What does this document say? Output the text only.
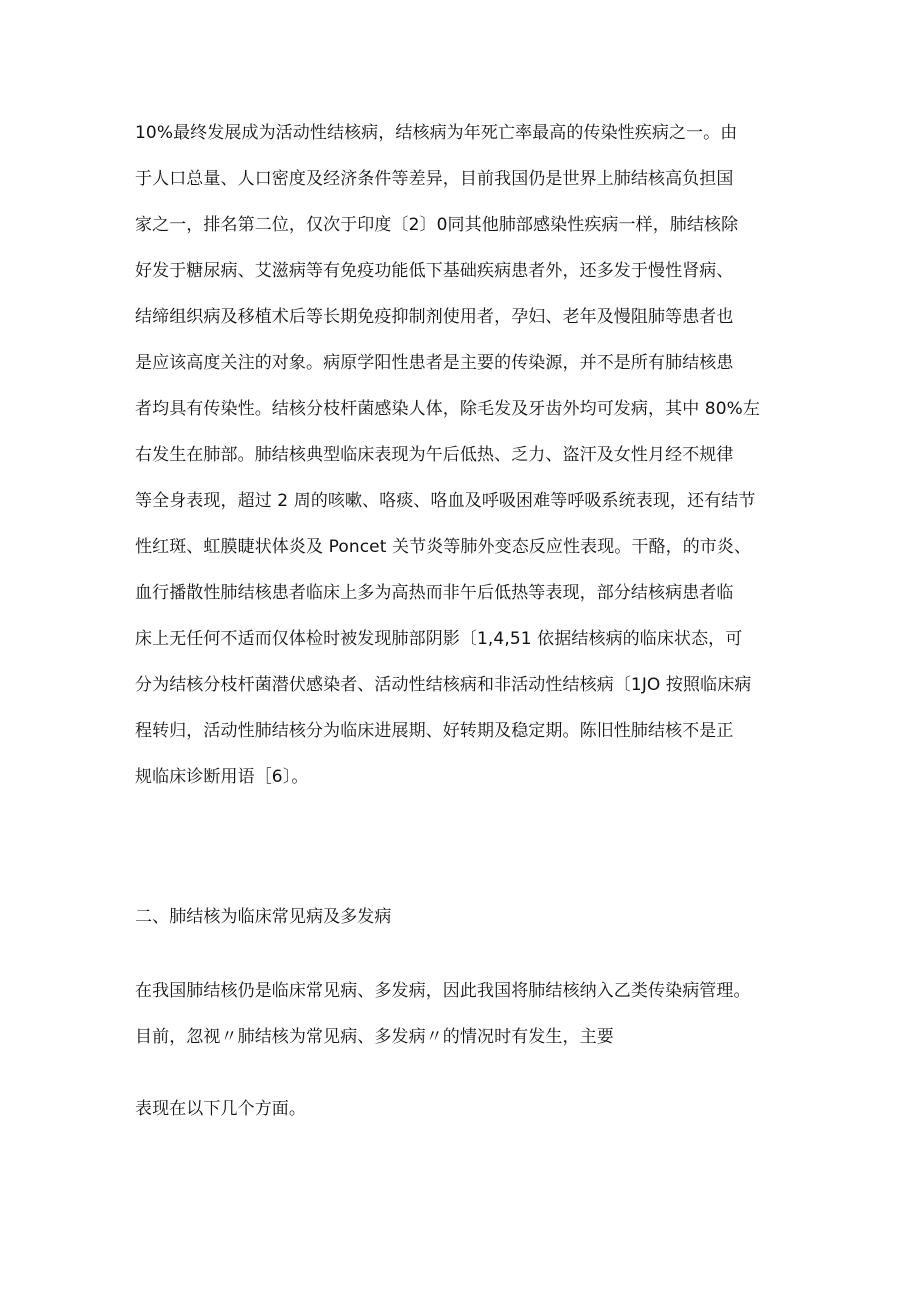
10%最终发展成为活动性结核病，结核病为年死亡率最高的传染性疾病之一。由
于人口总量、人口密度及经济条件等差异，目前我国仍是世界上肺结核高负担国
家之一，排名第二位，仅次于印度〔2〕0同其他肺部感染性疾病一样，肺结核除
好发于糖尿病、艾滋病等有免疫功能低下基础疾病患者外，还多发于慢性肾病、
结缔组织病及移植术后等长期免疫抑制剂使用者，孕妇、老年及慢阻肺等患者也
是应该高度关注的对象。病原学阳性患者是主要的传染源，并不是所有肺结核患
者均具有传染性。结核分枝杆菌感染人体，除毛发及牙齿外均可发病，其中 80%左
右发生在肺部。肺结核典型临床表现为午后低热、乏力、盗汗及女性月经不规律
等全身表现，超过 2 周的咳嗽、咯痰、咯血及呼吸困难等呼吸系统表现，还有结节
性红斑、虹膜睫状体炎及 Poncet 关节炎等肺外变态反应性表现。干酪，的市炎、
血行播散性肺结核患者临床上多为高热而非午后低热等表现，部分结核病患者临
床上无任何不适而仅体检时被发现肺部阴影〔1,4,51 依据结核病的临床状态，可
分为结核分枝杆菌潜伏感染者、活动性结核病和非活动性结核病〔1JO 按照临床病
程转归，活动性肺结核分为临床进展期、好转期及稳定期。陈旧性肺结核不是正
规临床诊断用语［6〕。
二、肺结核为临床常见病及多发病
在我国肺结核仍是临床常见病、多发病，因此我国将肺结核纳入乙类传染病管理。
目前，忽视〃肺结核为常见病、多发病〃的情况时有发生，主要
表现在以下几个方面。
